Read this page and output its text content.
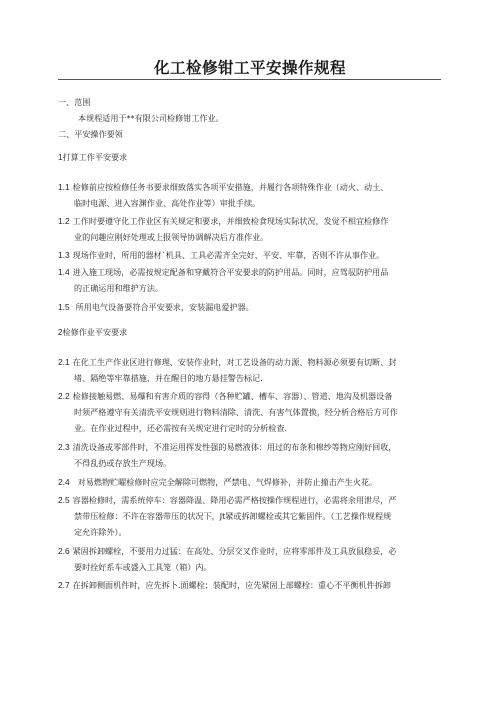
化工检修钳工平安操作规程
一、范围
本规程适用于**有限公司检修钳工作业。
二、平安操作要领
1打算工作平安要求
1.1 检修前应按检修任务书要求细致落实各项平安措施，并履行各项特殊作业（动火、动土、
临时电源、进入容渊作业、高处作业等）审批手续。
1.2 工作时要遵守化工作业区有关规定和要求，并细致检食现场实际状况，发觉不相宜检修作
业的问趣应刚好处理或上报领导协调解决后方准作业。
1.3 现场作业时，所用的器材`机具、工具必需齐全完好、平安、牢靠，否则不许从事作业。
1.4 进入施工现场，必需按规定配备和穿戴符合平安要求的防护用品。同时，应驾驭防护用品
的正确运用和维护方法。
1.5 所用电气设备要符合平安要求，安装漏电爱护器。
2检修作业平安要求
2.1 在化工生产作业区进行修理、安装作业时，对工艺设备的动力源、物料源必须要有切断、封
堵、隔绝等牢靠措施，并在醒目的地方悬挂警告标记.
2.2 检修接触易燃、易爆和有害介质的容得（各种贮罐、槽车、容器）、管道、地沟及机器设备
时须严格遵守有关清洗平安规则进行物料清除、清洗、有害气体置换，经分析合格后方可作
业。在作业过程中，还必需按有关规定进行定时的分析检查.
2.3 清洗设备或零部件时，不准运用挥发性强的易燃液体：用过的布条和棉纱等物应刚好回收，
不得乱扔或存放生产现场。
2.4 对易燃物贮曜检修时应完全解除可燃物，严禁电、气焊修补，并防止撞击产生火花。
2.5 容器检修时，需系统停车：容器降温、降用必需严格按操作规程进行，必需将余用泄尽，严
禁带压检修：不许在容器带压的状况下，Jt紧或拆卸螺栓或其它紫固件。（工艺操作规程规
定允许除外）。
2.6 紧固拆卸螺栓，不要用力过猛：在高处、分层交叉作业时，应将零部件及工具放鼠稳妥，必
要时拴好系车或盛入工具笼（箱）内。
2.7 在拆卸侧面机件时，应先拆卜.面螺栓；装配时，应先紧固上部螺栓：重心不平衡机件拆卸
